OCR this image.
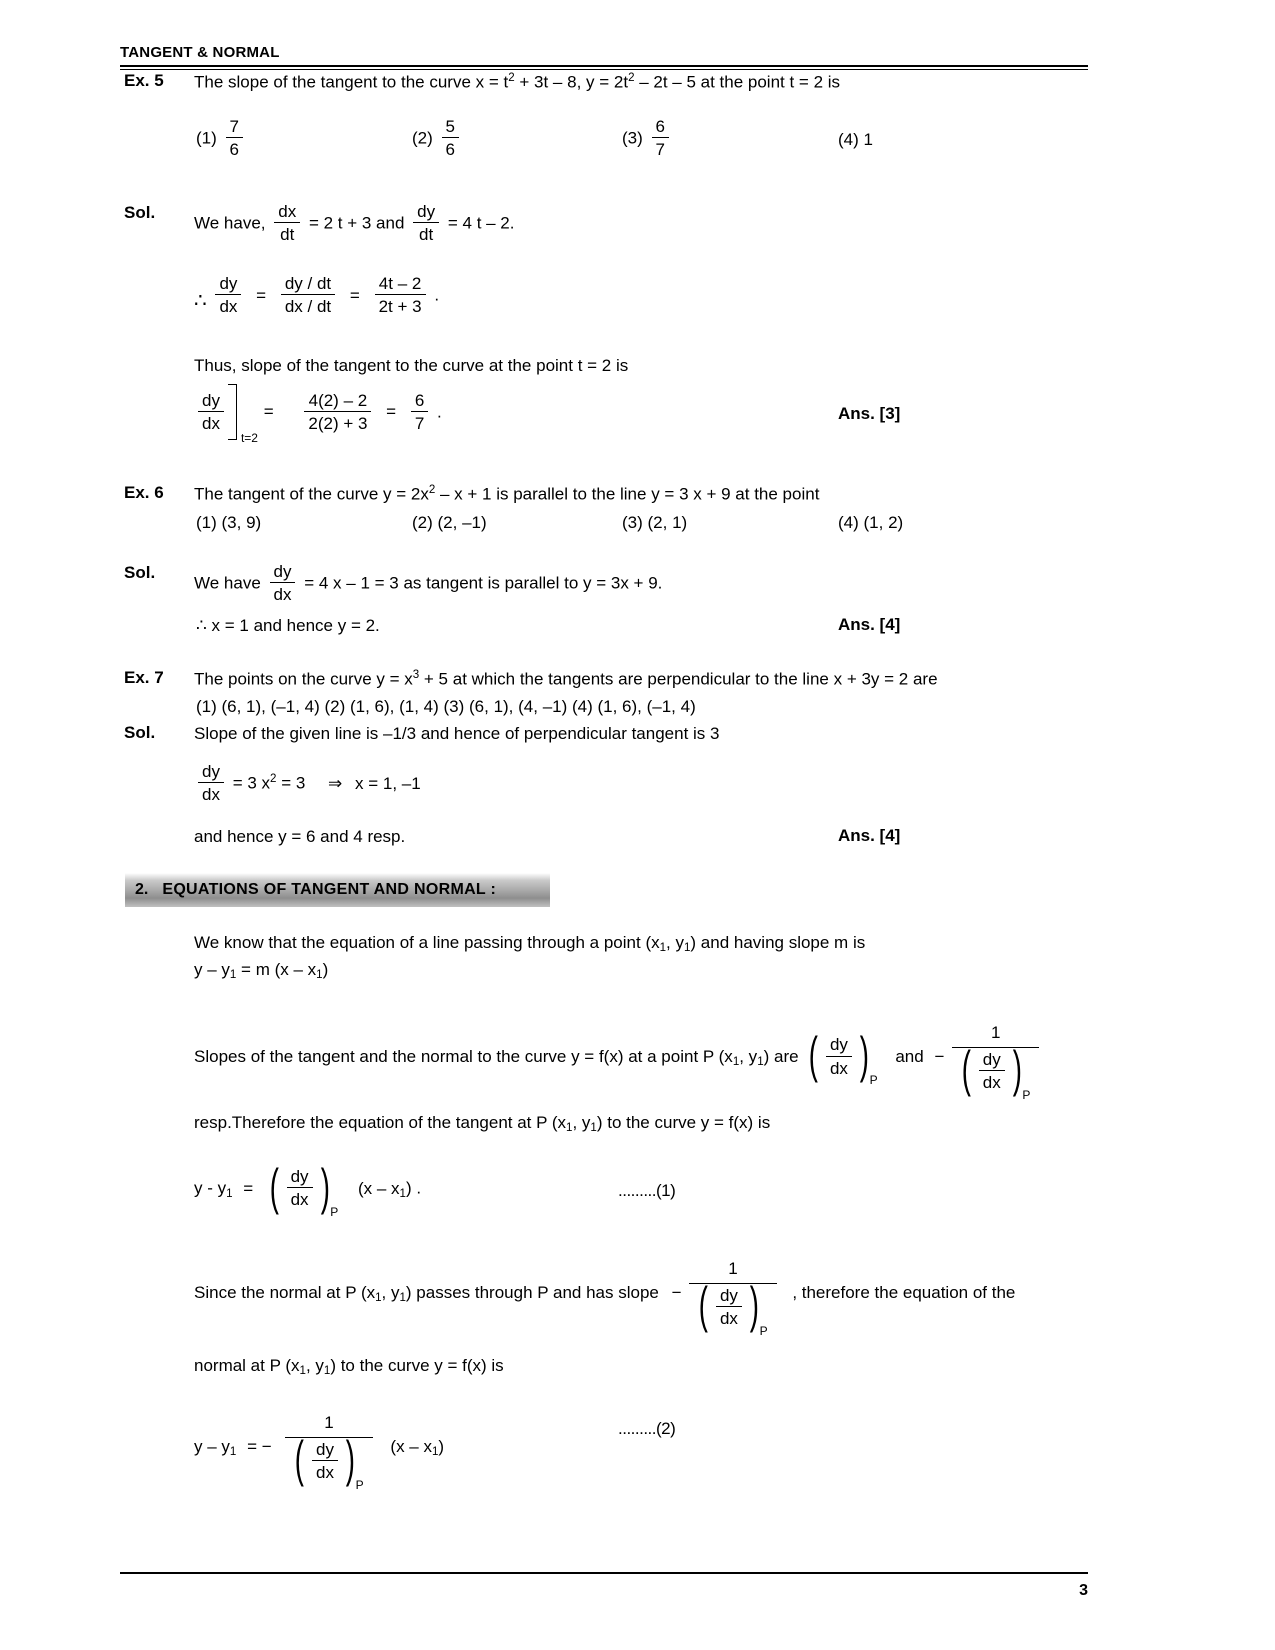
TANGENT & NORMAL
Ex. 5 The slope of the tangent to the curve $x = t^2 + 3t - 8$, $y = 2t^2 - 2t - 5$ at the point t = 2 is
$(1) \frac{7}{6}$	$(2) \frac{5}{6}$	$(3) \frac{6}{7}$	(4) 1
Sol.
We have, $\frac{dx}{dt} = 2$ t + 3 and $\frac{dy}{dt} = 4$ t – 2.
∴ $\frac{dy}{dx} = \frac{dy / dt}{dx / dt} = \frac{4t - 2}{2t + 3}$ .
Thus, slope of the tangent to the curve at the point t = 2 is
$\frac{dy}{dx}$
t=2
= $\frac{4(2) - 2}{2(2) + 3} = \frac{6}{7}$ .	Ans. [3]
Ex. 6 The tangent of the curve $y = 2x^2 - x + 1$ is parallel to the line y = 3 x + 9 at the point
(1) (3, 9)	(2) (2, –1)	(3) (2, 1)	(4) (1, 2)
Sol.
We have $\frac{dy}{dx} = 4$ x – 1 = 3 as tangent is parallel to y = 3x + 9.
∴ x = 1 and hence y = 2.	Ans. [4]
Ex. 7 The points on the curve $y = x^3 + 5$ at which the tangents are perpendicular to the line x + 3y = 2 are
(1) (6, 1), (–1, 4) (2) (1, 6), (1, 4) (3) (6, 1), (4, –1) (4) (1, 6), (–1, 4)
Sol. Slope of the given line is –1/3 and hence of perpendicular tangent is 3
$\frac{dy}{dx} = 3$ $x^2 = 3$ ⇒ x = 1, –1
and hence y = 6 and 4 resp.	Ans. [4]
2. EQUATIONS OF TANGENT AND NORMAL :
We know that the equation of a line passing through a point ($x_1$, $y_1$) and having slope m is
$y - y_1 = m$ $(x - x_1)$
Slopes of the tangent and the normal to the curve y = f(x) at a point P ($x_1$, $y_1$) are ( $\frac{dy}{dx} )P$ and −
1
( $\frac{dy}{dx} )P$
resp.Therefore the equation of the tangent at P ($x_1$, $y_1$) to the curve y = f(x) is
y - $y_1$ = ( $\frac{dy}{dx} )P$ $(x - x_1)$ .	.........(1)
Since the normal at P ($x_1$, $y_1$) passes through P and has slope −
1
( $\frac{dy}{dx} )P$
, therefore the equation of the
normal at P ($x_1$, $y_1$) to the curve y = f(x) is
y – $y_1$ = −
1
( $\frac{dy}{dx} )P$
$(x - x_1)$
.........(2)
3
